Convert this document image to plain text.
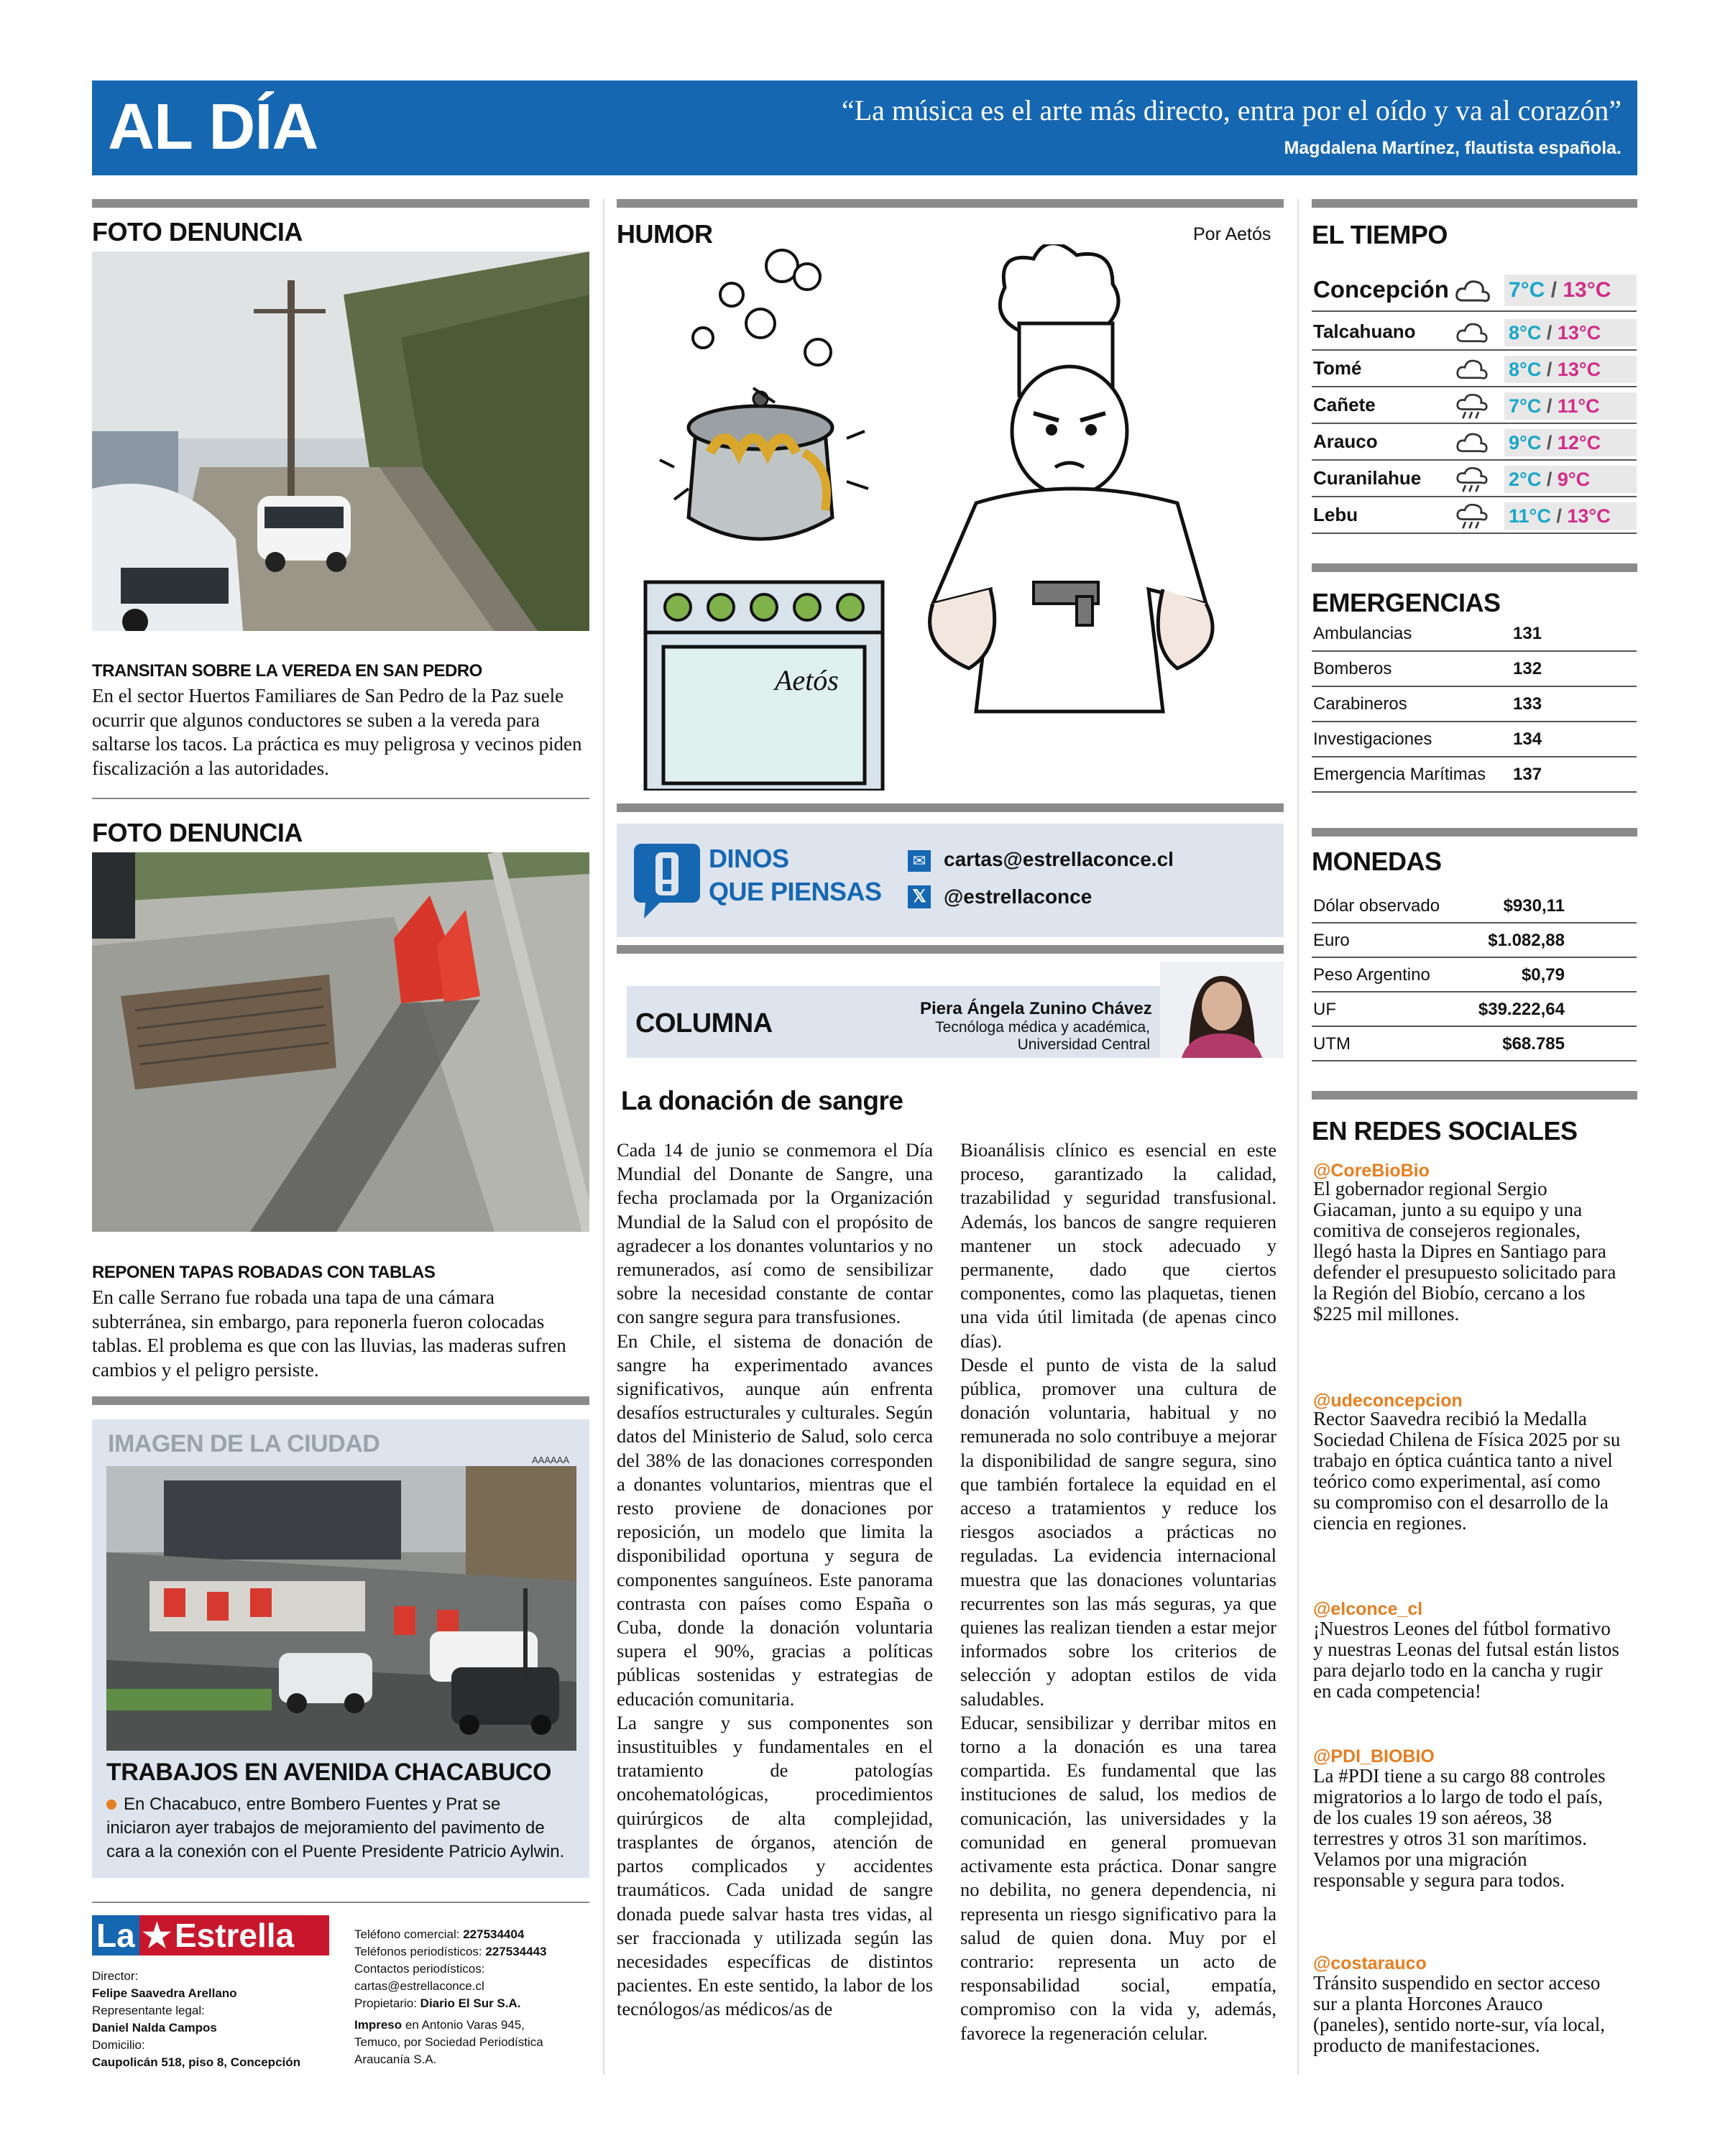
AL DÍA	“La música es el arte más directo, entra por el oído y va al corazón”
Magdalena Martínez, flautista española.
FOTO DENUNCIA
TRANSITAN SOBRE LA VEREDA EN SAN PEDRO
En el sector Huertos Familiares de San Pedro de la Paz suele ocurrir que algunos conductores se suben a la vereda para saltarse los tacos. La práctica es muy peligrosa y vecinos piden fiscalización a las autoridades.
FOTO DENUNCIA
REPONEN TAPAS ROBADAS CON TABLAS
En calle Serrano fue robada una tapa de una cámara subterránea, sin embargo, para reponerla fueron colocadas tablas. El problema es que con las lluvias, las maderas sufren cambios y el peligro persiste.
IMAGEN DE LA CIUDAD
AAAAAA
TRABAJOS EN AVENIDA CHACABUCO
En Chacabuco, entre Bombero Fuentes y Prat se iniciaron ayer trabajos de mejoramiento del pavimento de cara a la conexión con el Puente Presidente Patricio Aylwin.
La ★Estrella
Director:
Felipe Saavedra Arellano
Representante legal:
Daniel Nalda Campos
Domicilio:
Caupolicán 518, piso 8, Concepción
Teléfono comercial: 227534404
Teléfonos periodísticos: 227534443
Contactos periodísticos:
cartas@estrellaconce.cl
Propietario: Diario El Sur S.A.
Impreso en Antonio Varas 945,
Temuco, por Sociedad Periodística
Araucanía S.A.
HUMOR	Por Aetós
Aetós
DINOS
QUE PIENSAS
✉ cartas@estrellaconce.cl
𝕏 @estrellaconce
COLUMNA	Piera Ángela Zunino Chávez
Tecnóloga médica y académica,
Universidad Central
La donación de sangre

Cada 14 de junio se conmemora el Día Mundial del Donante de Sangre, una fecha proclamada por la Organización Mundial de la Salud con el propósito de agradecer a los donantes voluntarios y no remunerados, así como de sensibilizar sobre la necesidad constante de contar con sangre segura para transfusiones.

En Chile, el sistema de donación de sangre ha experimentado avances significativos, aunque aún enfrenta desafíos estructurales y culturales. Según datos del Ministerio de Salud, solo cerca del 38% de las donaciones corresponden a donantes voluntarios, mientras que el resto proviene de donaciones por reposición, un modelo que limita la disponibilidad oportuna y segura de componentes sanguíneos. Este panorama contrasta con países como España o Cuba, donde la donación voluntaria supera el 90%, gracias a políticas públicas sostenidas y estrategias de educación comunitaria.

La sangre y sus componentes son insustituibles y fundamentales en el tratamiento de patologías oncohematológicas, procedimientos quirúrgicos de alta complejidad, trasplantes de órganos, atención de partos complicados y accidentes traumáticos. Cada unidad de sangre donada puede salvar hasta tres vidas, al ser fraccionada y utilizada según las necesidades específicas de distintos pacientes. En este sentido, la labor de los tecnólogos/as médicos/as de

Bioanálisis clínico es esencial en este proceso, garantizado la calidad, trazabilidad y seguridad transfusional. Además, los bancos de sangre requieren mantener un stock adecuado y permanente, dado que ciertos componentes, como las plaquetas, tienen una vida útil limitada (de apenas cinco días).

Desde el punto de vista de la salud pública, promover una cultura de donación voluntaria, habitual y no remunerada no solo contribuye a mejorar la disponibilidad de sangre segura, sino que también fortalece la equidad en el acceso a tratamientos y reduce los riesgos asociados a prácticas no reguladas. La evidencia internacional muestra que las donaciones voluntarias recurrentes son las más seguras, ya que quienes las realizan tienden a estar mejor informados sobre los criterios de selección y adoptan estilos de vida saludables.

Educar, sensibilizar y derribar mitos en torno a la donación es una tarea compartida. Es fundamental que las instituciones de salud, los medios de comunicación, las universidades y la comunidad en general promuevan activamente esta práctica. Donar sangre no debilita, no genera dependencia, ni representa un riesgo significativo para la salud de quien dona. Muy por el contrario: representa un acto de responsabilidad social, empatía, compromiso con la vida y, además, favorece la regeneración celular.

EL TIEMPO
Concepción	7°C / 13°C
Talcahuano	8°C / 13°C
Tomé	8°C / 13°C
Cañete	7°C / 11°C
Arauco	9°C / 12°C
Curanilahue	2°C / 9°C
Lebu	11°C / 13°C
EMERGENCIAS
Ambulancias	131
Bomberos	132
Carabineros	133
Investigaciones	134
Emergencia Marítimas 137
MONEDAS
Dólar observado	$930,11
Euro	$1.082,88
Peso Argentino	$0,79
UF	$39.222,64
UTM	$68.785
EN REDES SOCIALES
@CoreBioBio
El gobernador regional Sergio Giacaman, junto a su equipo y una comitiva de consejeros regionales, llegó hasta la Dipres en Santiago para defender el presupuesto solicitado para la Región del Biobío, cercano a los $225 mil millones.
@udeconcepcion
Rector Saavedra recibió la Medalla Sociedad Chilena de Física 2025 por su trabajo en óptica cuántica tanto a nivel teórico como experimental, así como su compromiso con el desarrollo de la ciencia en regiones.
@elconce_cl
¡Nuestros Leones del fútbol formativo y nuestras Leonas del futsal están listos para dejarlo todo en la cancha y rugir en cada competencia!
@PDI_BIOBIO
La #PDI tiene a su cargo 88 controles migratorios a lo largo de todo el país, de los cuales 19 son aéreos, 38 terrestres y otros 31 son marítimos. Velamos por una migración responsable y segura para todos.
@costarauco
Tránsito suspendido en sector acceso sur a planta Horcones Arauco (paneles), sentido norte-sur, vía local, producto de manifestaciones.
